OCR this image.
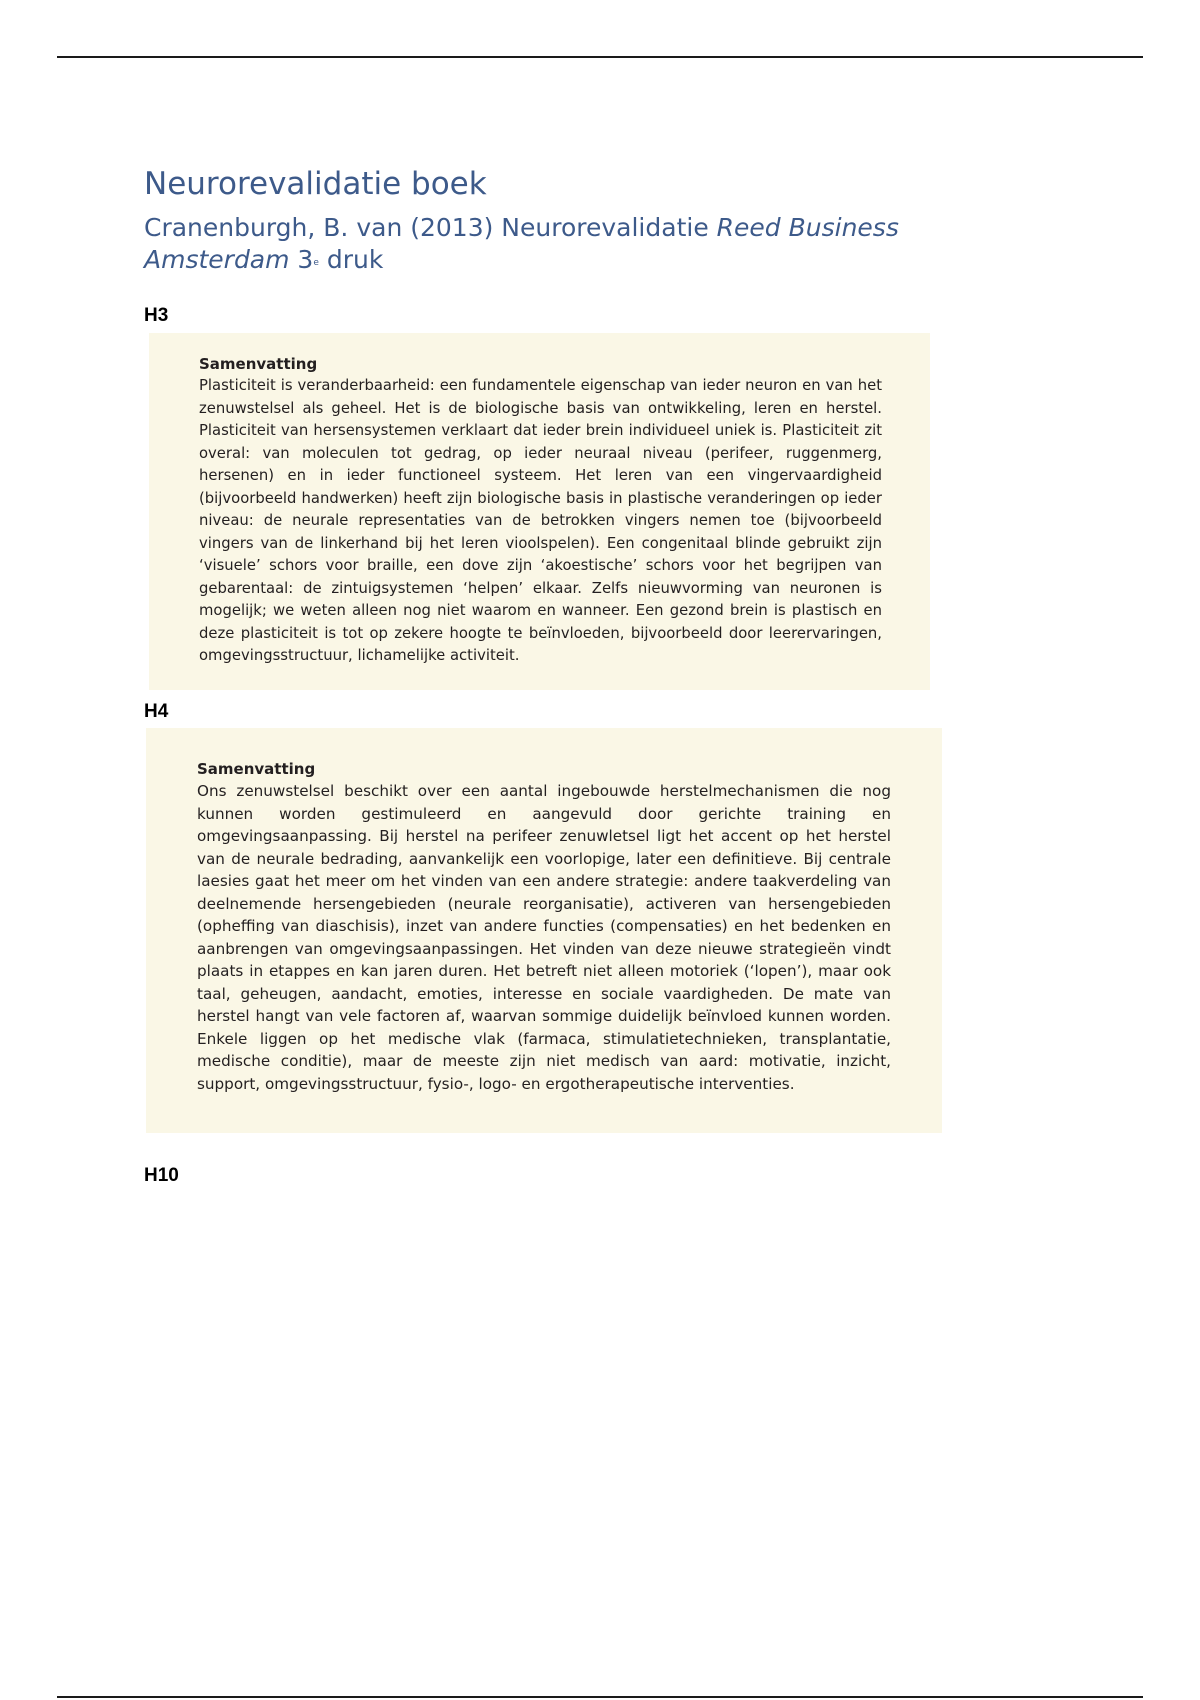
Neurorevalidatie boek

Cranenburgh, B. van (2013) Neurorevalidatie Reed Business Amsterdam 3e druk

H3

Samenvatting

Plasticiteit is veranderbaarheid: een fundamentele eigenschap van ieder neuron en van het zenuwstelsel als geheel. Het is de biologische basis van ontwikkeling, leren en herstel. Plasticiteit van hersensystemen verklaart dat ieder brein individueel uniek is. Plasticiteit zit overal: van moleculen tot gedrag, op ieder neuraal niveau (perifeer, ruggenmerg, hersenen) en in ieder functioneel systeem. Het leren van een vingervaardigheid (bijvoorbeeld handwerken) heeft zijn biologische basis in plastische veranderingen op ieder niveau: de neurale representaties van de betrokken vingers nemen toe (bijvoorbeeld vingers van de linkerhand bij het leren vioolspelen). Een congenitaal blinde gebruikt zijn ‘visuele’ schors voor braille, een dove zijn ‘akoestische’ schors voor het begrijpen van gebarentaal: de zintuigsystemen ‘helpen’ elkaar. Zelfs nieuwvorming van neuronen is mogelijk; we weten alleen nog niet waarom en wanneer. Een gezond brein is plastisch en deze plasticiteit is tot op zekere hoogte te beïnvloeden, bijvoorbeeld door leerervaringen, omgevingsstructuur, lichamelijke activiteit.

H4

Samenvatting

Ons zenuwstelsel beschikt over een aantal ingebouwde herstelmechanismen die nog kunnen worden gestimuleerd en aangevuld door gerichte training en omgevingsaanpassing. Bij herstel na perifeer zenuwletsel ligt het accent op het herstel van de neurale bedrading, aanvankelijk een voorlopige, later een definitieve. Bij centrale laesies gaat het meer om het vinden van een andere strategie: andere taakverdeling van deelnemende hersengebieden (neurale reorganisatie), activeren van hersengebieden (opheffing van diaschisis), inzet van andere functies (compensaties) en het bedenken en aanbrengen van omgevingsaanpassingen. Het vinden van deze nieuwe strategieën vindt plaats in etappes en kan jaren duren. Het betreft niet alleen motoriek (‘lopen’), maar ook taal, geheugen, aandacht, emoties, interesse en sociale vaardigheden. De mate van herstel hangt van vele factoren af, waarvan sommige duidelijk beïnvloed kunnen worden. Enkele liggen op het medische vlak (farmaca, stimulatietechnieken, transplantatie, medische conditie), maar de meeste zijn niet medisch van aard: motivatie, inzicht, support, omgevingsstructuur, fysio-, logo- en ergotherapeutische interventies.

H10
